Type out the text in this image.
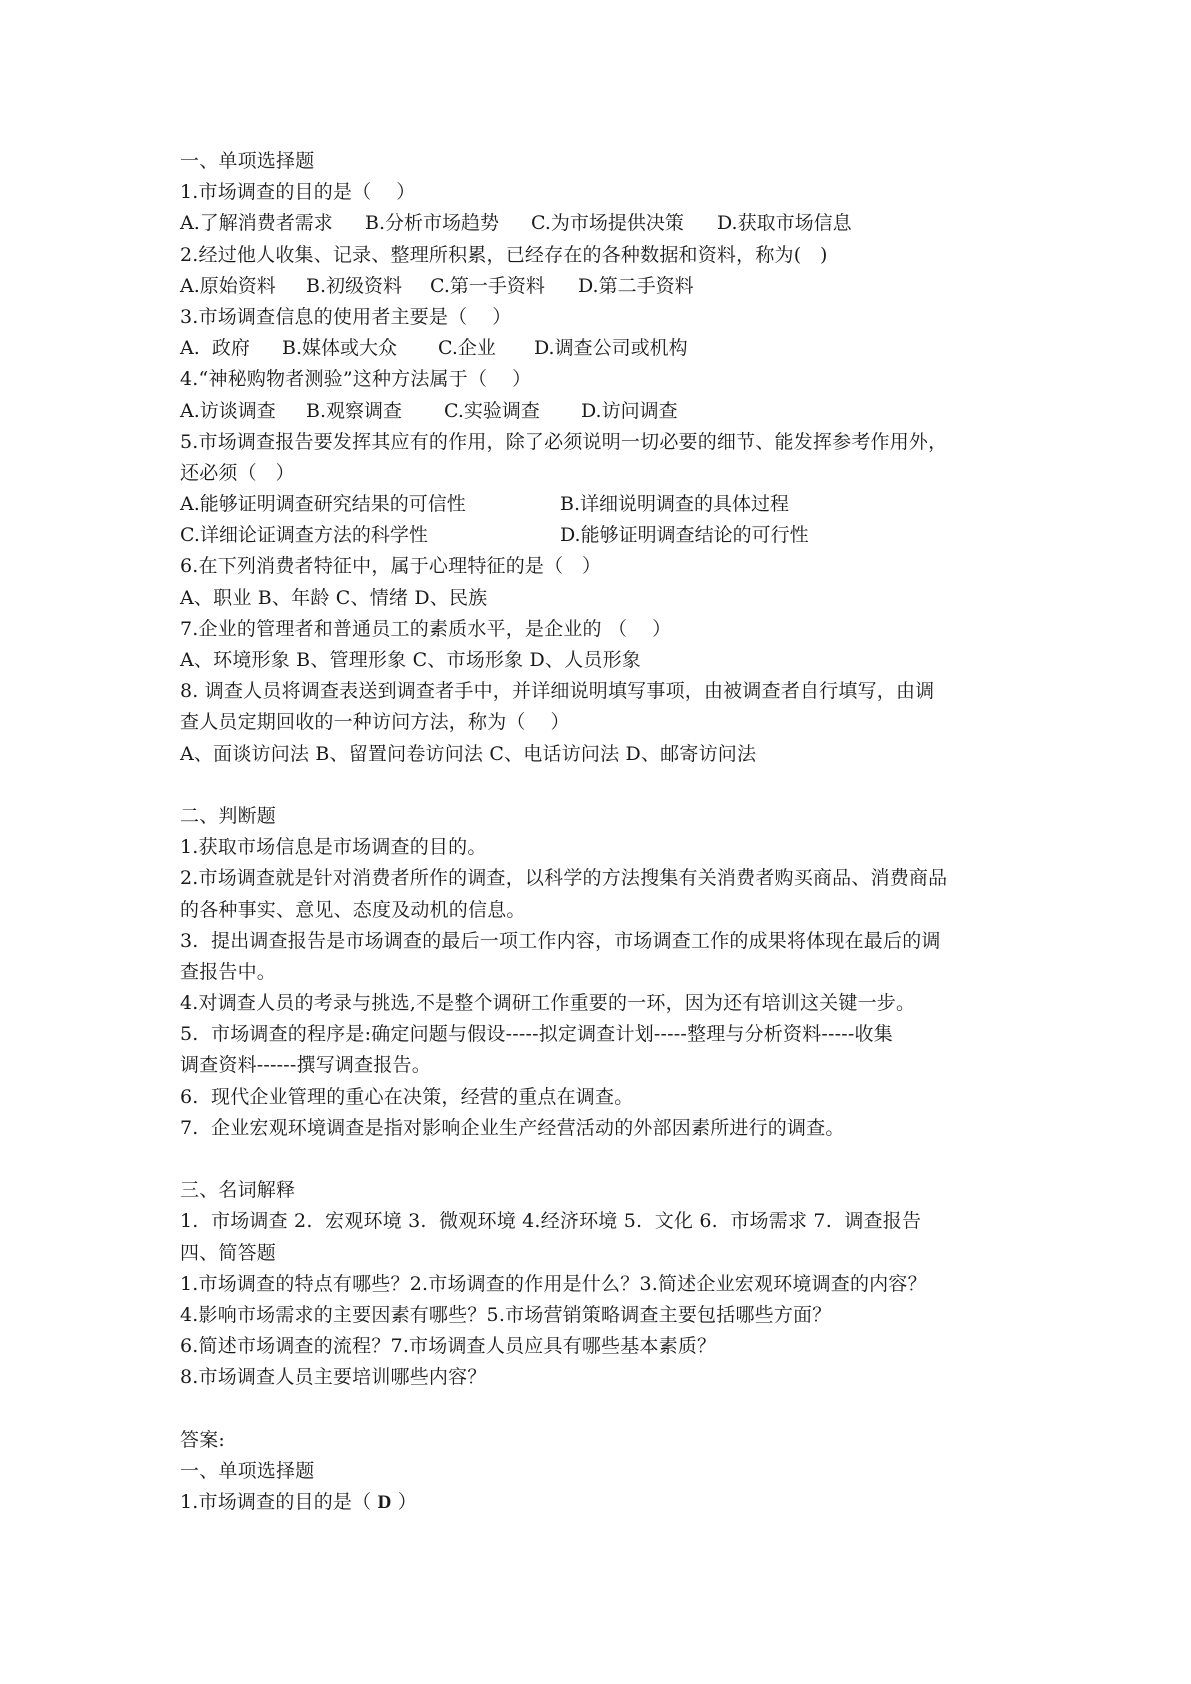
一、单项选择题
1.市场调查的目的是（    ）
A.了解消费者需求	B.分析市场趋势	C.为市场提供决策	D.获取市场信息
2.经过他人收集、记录、整理所积累，已经存在的各种数据和资料，称为(   )
A.原始资料	B.初级资料	C.第一手资料	D.第二手资料
3.市场调查信息的使用者主要是（    ）
A.  政府	B.媒体或大众	C.企业	D.调查公司或机构
4.“神秘购物者测验”这种方法属于（    ）
A.访谈调查	B.观察调查	C.实验调查	D.访问调查
5.市场调查报告要发挥其应有的作用，除了必须说明一切必要的细节、能发挥参考作用外，
还必须（   ）
A.能够证明调查研究结果的可信性	B.详细说明调查的具体过程
C.详细论证调查方法的科学性	D.能够证明调查结论的可行性
6.在下列消费者特征中，属于心理特征的是（   ）
A、职业 B、年龄 C、情绪 D、民族
7.企业的管理者和普通员工的素质水平，是企业的 （    ）
A、环境形象 B、管理形象 C、市场形象 D、人员形象
8. 调查人员将调查表送到调查者手中，并详细说明填写事项，由被调查者自行填写，由调
查人员定期回收的一种访问方法，称为（    ）
A、面谈访问法 B、留置问卷访问法 C、电话访问法 D、邮寄访问法
二、判断题
1.获取市场信息是市场调查的目的。
2.市场调查就是针对消费者所作的调查，以科学的方法搜集有关消费者购买商品、消费商品
的各种事实、意见、态度及动机的信息。
3.  提出调查报告是市场调查的最后一项工作内容，市场调查工作的成果将体现在最后的调
查报告中。
4.对调查人员的考录与挑选,不是整个调研工作重要的一环，因为还有培训这关键一步。
5.  市场调查的程序是:确定问题与假设-----拟定调查计划-----整理与分析资料-----收集
调查资料------撰写调查报告。
6.  现代企业管理的重心在决策，经营的重点在调查。
7.  企业宏观环境调查是指对影响企业生产经营活动的外部因素所进行的调查。
三、名词解释
1.  市场调查 2.  宏观环境 3.  微观环境 4.经济环境 5.  文化 6.  市场需求 7.  调查报告
四、简答题
1.市场调查的特点有哪些？2.市场调查的作用是什么？3.简述企业宏观环境调查的内容？
4.影响市场需求的主要因素有哪些？5.市场营销策略调查主要包括哪些方面？
6.简述市场调查的流程？7.市场调查人员应具有哪些基本素质？
8.市场调查人员主要培训哪些内容？
答案:
一、单项选择题
1.市场调查的目的是（ D ）
